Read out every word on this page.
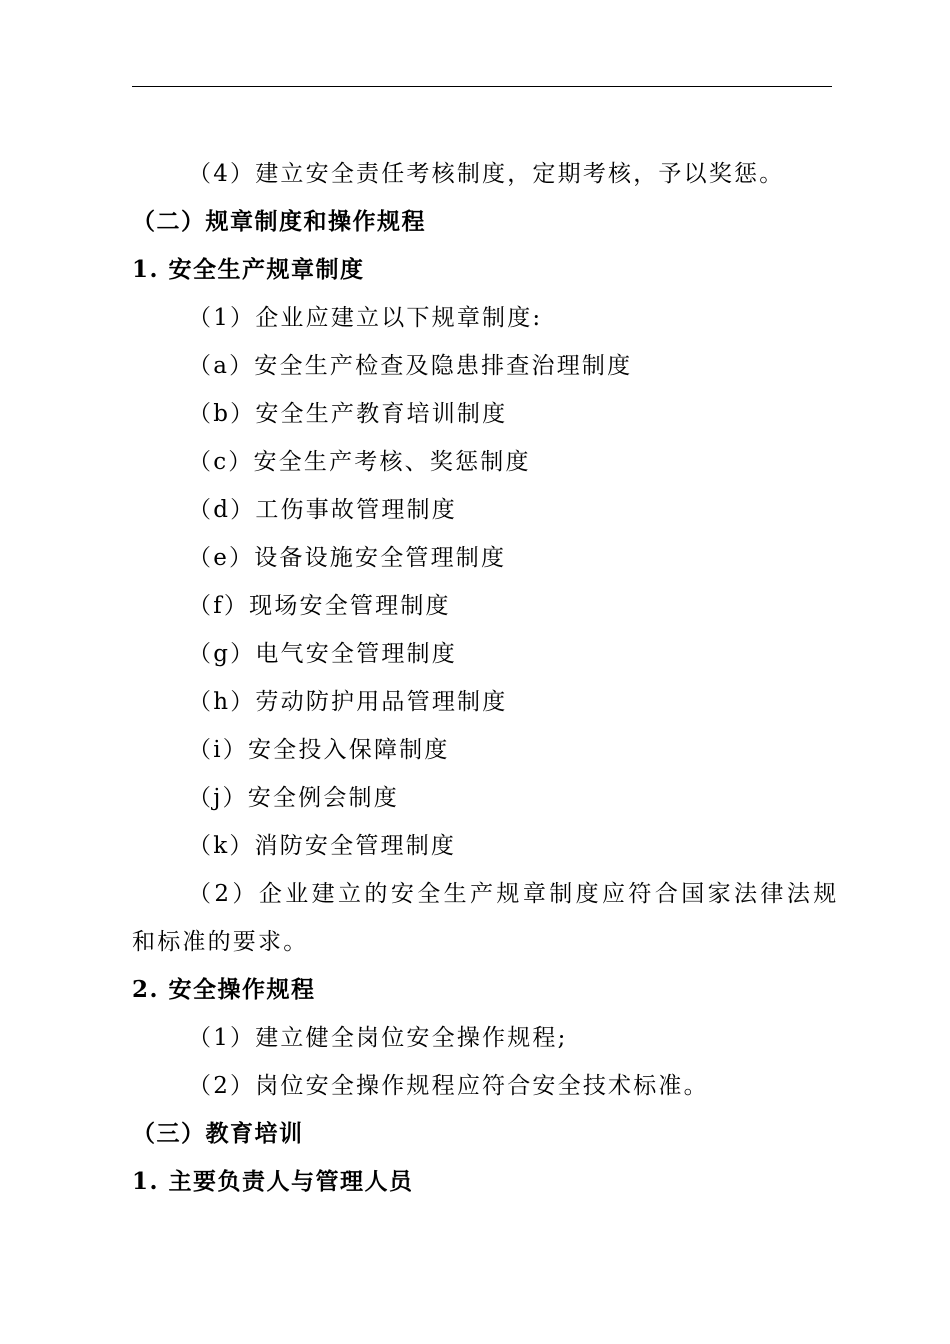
（4）建立安全责任考核制度，定期考核，予以奖惩。
（二）规章制度和操作规程
1. 安全生产规章制度
（1）企业应建立以下规章制度:
（a）安全生产检查及隐患排查治理制度
（b）安全生产教育培训制度
（c）安全生产考核、奖惩制度
（d）工伤事故管理制度
（e）设备设施安全管理制度
（f）现场安全管理制度
（g）电气安全管理制度
（h）劳动防护用品管理制度
（i）安全投入保障制度
（j）安全例会制度
（k）消防安全管理制度
（2）企业建立的安全生产规章制度应符合国家法律法规
和标准的要求。
2. 安全操作规程
（1）建立健全岗位安全操作规程;
（2）岗位安全操作规程应符合安全技术标准。
（三）教育培训
1. 主要负责人与管理人员
